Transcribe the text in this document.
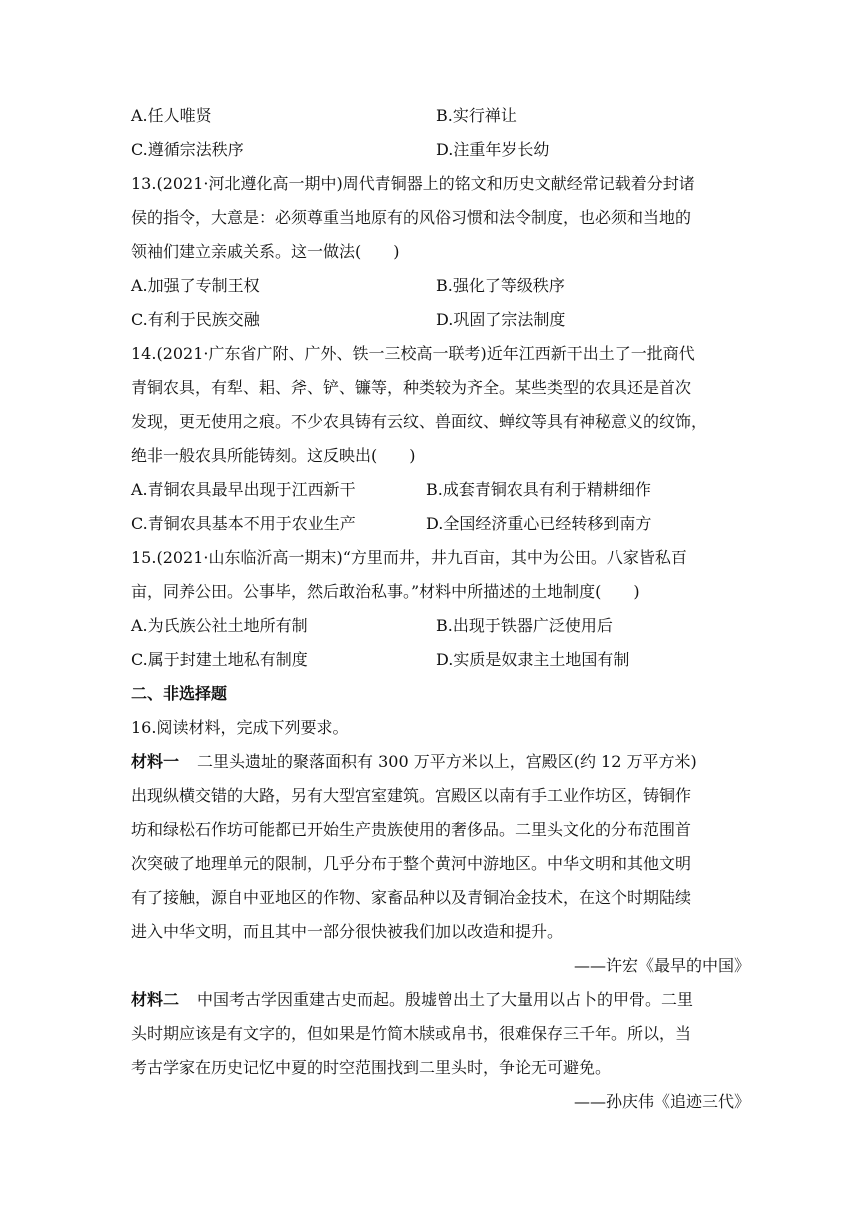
A.任人唯贤	B.实行禅让
C.遵循宗法秩序	D.注重年岁长幼
13.(2021·河北遵化高一期中)周代青铜器上的铭文和历史文献经常记载着分封诸
侯的指令，大意是：必须尊重当地原有的风俗习惯和法令制度，也必须和当地的
领袖们建立亲戚关系。这一做法(　　)
A.加强了专制王权	B.强化了等级秩序
C.有利于民族交融	D.巩固了宗法制度
14.(2021·广东省广附、广外、铁一三校高一联考)近年江西新干出土了一批商代
青铜农具，有犁、耜、斧、铲、镰等，种类较为齐全。某些类型的农具还是首次
发现，更无使用之痕。不少农具铸有云纹、兽面纹、蝉纹等具有神秘意义的纹饰，
绝非一般农具所能铸刻。这反映出(　　)
A.青铜农具最早出现于江西新干	B.成套青铜农具有利于精耕细作
C.青铜农具基本不用于农业生产	D.全国经济重心已经转移到南方
15.(2021·山东临沂高一期末)“方里而井，井九百亩，其中为公田。八家皆私百
亩，同养公田。公事毕，然后敢治私事。”材料中所描述的土地制度(　　)
A.为氏族公社土地所有制	B.出现于铁器广泛使用后
C.属于封建土地私有制度	D.实质是奴隶主土地国有制
二、非选择题
16.阅读材料，完成下列要求。
材料一 二里头遗址的聚落面积有 300 万平方米以上，宫殿区(约 12 万平方米)
出现纵横交错的大路，另有大型宫室建筑。宫殿区以南有手工业作坊区，铸铜作
坊和绿松石作坊可能都已开始生产贵族使用的奢侈品。二里头文化的分布范围首
次突破了地理单元的限制，几乎分布于整个黄河中游地区。中华文明和其他文明
有了接触，源自中亚地区的作物、家畜品种以及青铜冶金技术，在这个时期陆续
进入中华文明，而且其中一部分很快被我们加以改造和提升。
——许宏《最早的中国》
材料二 中国考古学因重建古史而起。殷墟曾出土了大量用以占卜的甲骨。二里
头时期应该是有文字的，但如果是竹简木牍或帛书，很难保存三千年。所以，当
考古学家在历史记忆中夏的时空范围找到二里头时，争论无可避免。
——孙庆伟《追迹三代》
